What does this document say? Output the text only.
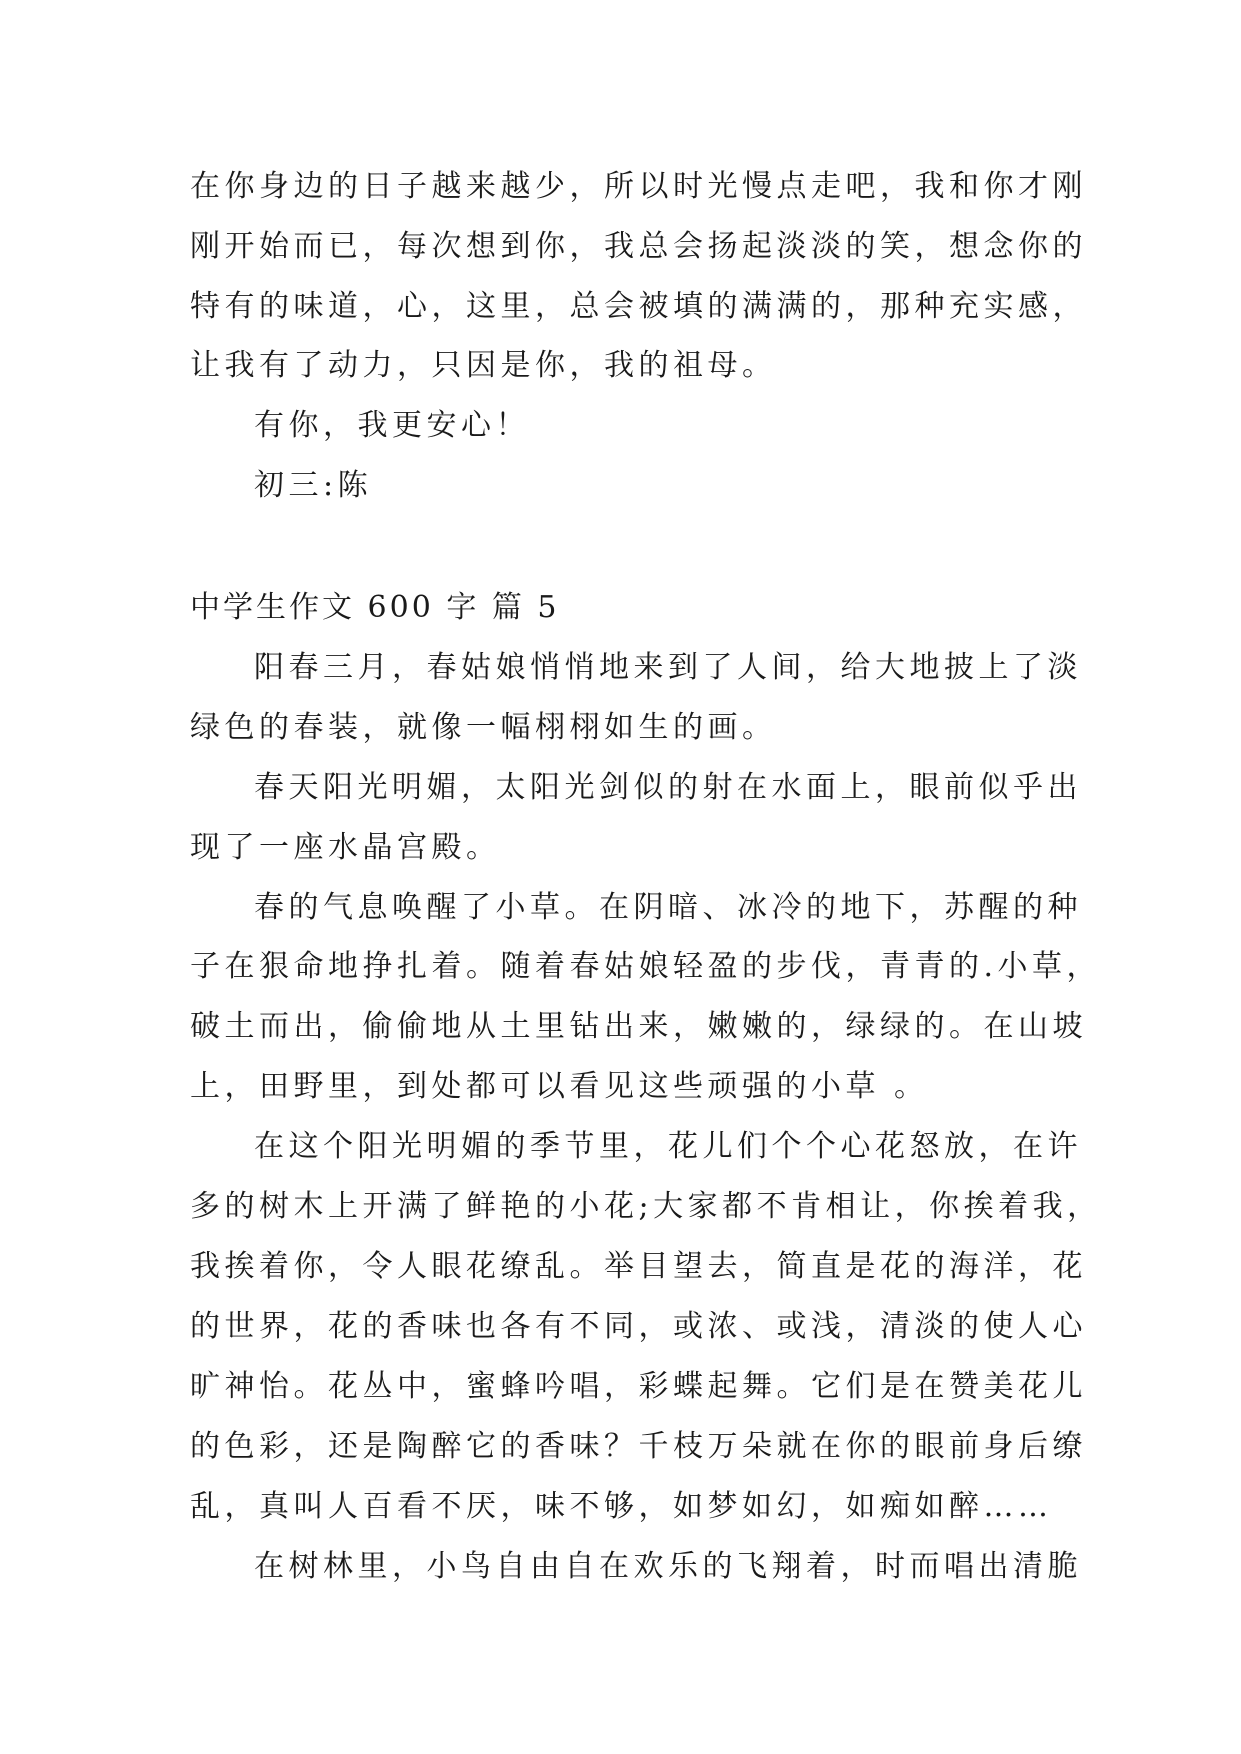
在你身边的日子越来越少，所以时光慢点走吧，我和你才刚
刚开始而已，每次想到你，我总会扬起淡淡的笑，想念你的
特有的味道，心，这里，总会被填的满满的，那种充实感，
让我有了动力，只因是你，我的祖母。
有你，我更安心！
初三:陈
中学生作文 600 字 篇 5
阳春三月，春姑娘悄悄地来到了人间，给大地披上了淡
绿色的春装，就像一幅栩栩如生的画。
春天阳光明媚，太阳光剑似的射在水面上，眼前似乎出
现了一座水晶宫殿。
春的气息唤醒了小草。在阴暗、冰冷的地下，苏醒的种
子在狠命地挣扎着。随着春姑娘轻盈的步伐，青青的.小草，
破土而出，偷偷地从土里钻出来，嫩嫩的，绿绿的。在山坡
上，田野里，到处都可以看见这些顽强的小草 。
在这个阳光明媚的季节里，花儿们个个心花怒放，在许
多的树木上开满了鲜艳的小花;大家都不肯相让，你挨着我，
我挨着你，令人眼花缭乱。举目望去，简直是花的海洋，花
的世界，花的香味也各有不同，或浓、或浅，清淡的使人心
旷神怡。花丛中，蜜蜂吟唱，彩蝶起舞。它们是在赞美花儿
的色彩，还是陶醉它的香味？千枝万朵就在你的眼前身后缭
乱，真叫人百看不厌，味不够，如梦如幻，如痴如醉……
在树林里，小鸟自由自在欢乐的飞翔着，时而唱出清脆
